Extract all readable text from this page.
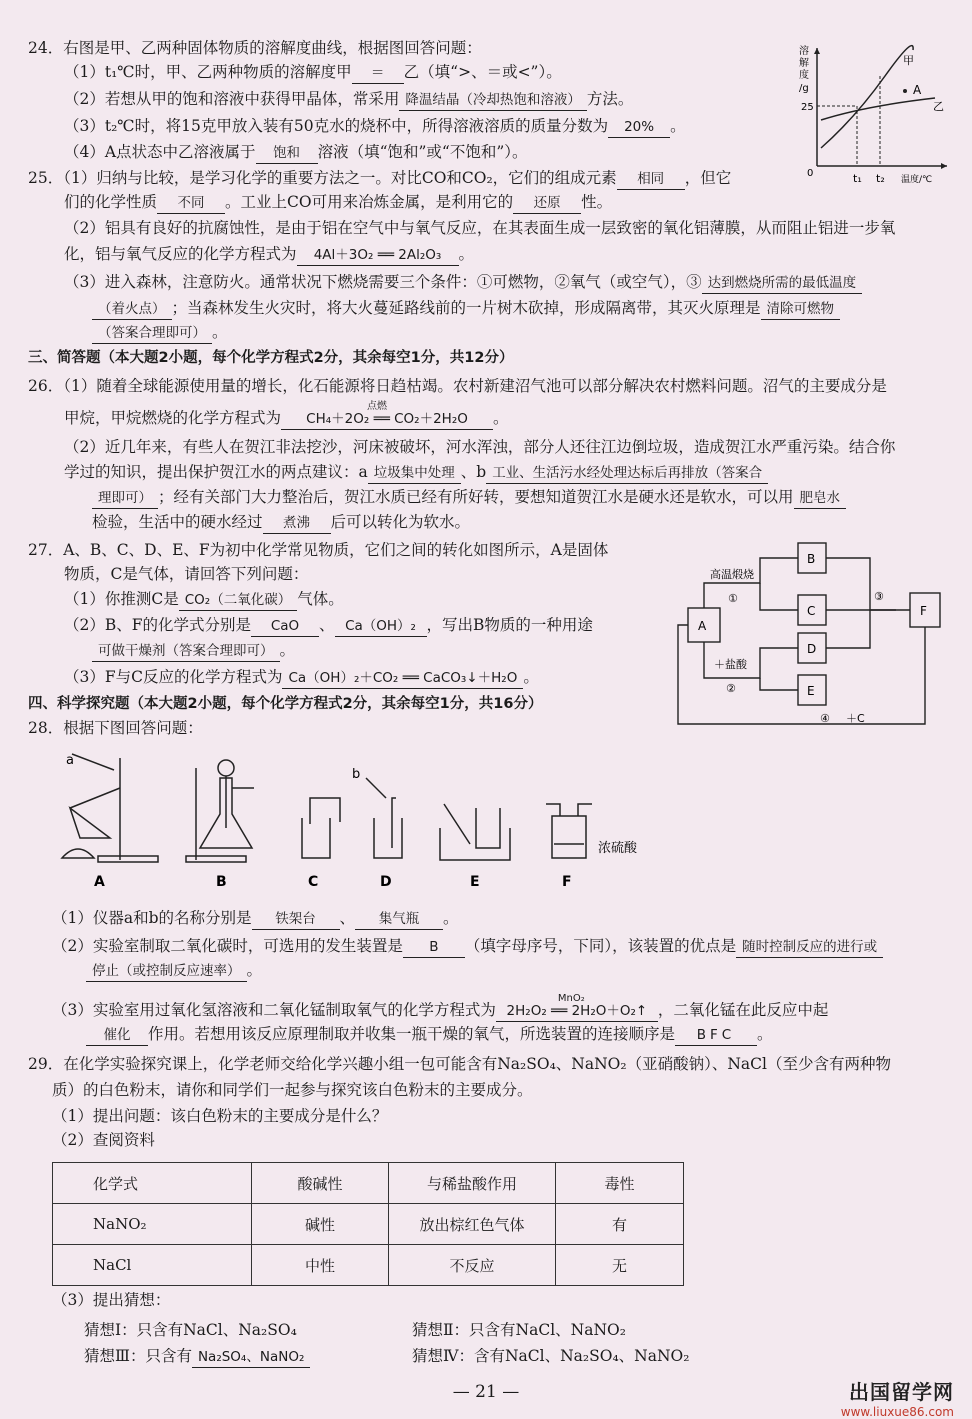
24．右图是甲、乙两种固体物质的溶解度曲线，根据图回答问题：
（1）t₁℃时，甲、乙两种物质的溶解度甲 ＝ 乙（填“>、＝或<”）。
（2）若想从甲的饱和溶液中获得甲晶体，常采用 降温结晶（冷却热饱和溶液） 方法。
（3）t₂℃时，将15克甲放入装有50克水的烧杯中，所得溶液溶质的质量分数为 20% 。
（4）A点状态中乙溶液属于 饱和 溶液（填“饱和”或“不饱和”）。
溶
解
度
/g
25
0	t₁ t₂ 温度/℃
甲
乙
A
25．（1）归纳与比较，是学习化学的重要方法之一。对比CO和CO₂，它们的组成元素 相同 ，但它
们的化学性质 不同 。工业上CO可用来冶炼金属，是利用它的 还原 性。
（2）铝具有良好的抗腐蚀性，是由于铝在空气中与氧气反应，在其表面生成一层致密的氧化铝薄膜，从而阻止铝进一步氧
化，铝与氧气反应的化学方程式为 4Al＋3O₂ ══ 2Al₂O₃ 。
（3）进入森林，注意防火。通常状况下燃烧需要三个条件：①可燃物，②氧气（或空气），③ 达到燃烧所需的最低温度
（着火点） ；当森林发生火灾时，将大火蔓延路线前的一片树木砍掉，形成隔离带，其灭火原理是 清除可燃物
（答案合理即可） 。
三、简答题（本大题2小题，每个化学方程式2分，其余每空1分，共12分）
26．（1）随着全球能源使用量的增长，化石能源将日趋枯竭。农村新建沼气池可以部分解决农村燃料问题。沼气的主要成分是
甲烷，甲烷燃烧的化学方程式为
点燃
CH₄＋2O₂ ══ CO₂＋2H₂O 。
（2）近几年来，有些人在贺江非法挖沙，河床被破坏，河水浑浊，部分人还往江边倒垃圾，造成贺江水严重污染。结合你
学过的知识，提出保护贺江水的两点建议：a 垃圾集中处理 、b 工业、生活污水经处理达标后再排放（答案合
理即可） ；经有关部门大力整治后，贺江水质已经有所好转，要想知道贺江水是硬水还是软水，可以用 肥皂水
检验，生活中的硬水经过 煮沸 后可以转化为软水。
27．A、B、C、D、E、F为初中化学常见物质，它们之间的转化如图所示，A是固体
物质，C是气体，请回答下列问题：
（1）你推测C是 CO₂（二氧化碳） 气体。
（2）B、F的化学式分别是 CaO 、 Ca（OH）₂ ，写出B物质的一种用途
可做干燥剂（答案合理即可） 。
（3）F与C反应的化学方程式为 Ca（OH）₂＋CO₂ ══ CaCO₃↓＋H₂O 。
高温煅烧
①
＋盐酸
②
③
④ ＋C
A
B
C
D
E
F
四、科学探究题（本大题2小题，每个化学方程式2分，其余每空1分，共16分）
28．根据下图回答问题：
a
b
浓硫酸
A	B	C	D	E	F
（1）仪器a和b的名称分别是 铁架台 、 集气瓶 。
（2）实验室制取二氧化碳时，可选用的发生装置是 B （填字母序号，下同），该装置的优点是 随时控制反应的进行或
停止（或控制反应速率） 。
（3）实验室用过氧化氢溶液和二氧化锰制取氧气的化学方程式为
MnO₂
2H₂O₂ ══ 2H₂O＋O₂↑ ，二氧化锰在此反应中起
催化 作用。若想用该反应原理制取并收集一瓶干燥的氧气，所选装置的连接顺序是 BFC 。
29．在化学实验探究课上，化学老师交给化学兴趣小组一包可能含有Na₂SO₄、NaNO₂（亚硝酸钠）、NaCl（至少含有两种物
质）的白色粉末，请你和同学们一起参与探究该白色粉末的主要成分。
（1）提出问题：该白色粉末的主要成分是什么？
（2）查阅资料
化学式	酸碱性	与稀盐酸作用	毒性
NaNO₂	碱性	放出棕红色气体	有
NaCl	中性	不反应	无
（3）提出猜想：
猜想Ⅰ：只含有NaCl、Na₂SO₄	猜想Ⅱ：只含有NaCl、NaNO₂
猜想Ⅲ：只含有 Na₂SO₄、NaNO₂	猜想Ⅳ：含有NaCl、Na₂SO₄、NaNO₂
— 21 —	出国留学网
www.liuxue86.com
